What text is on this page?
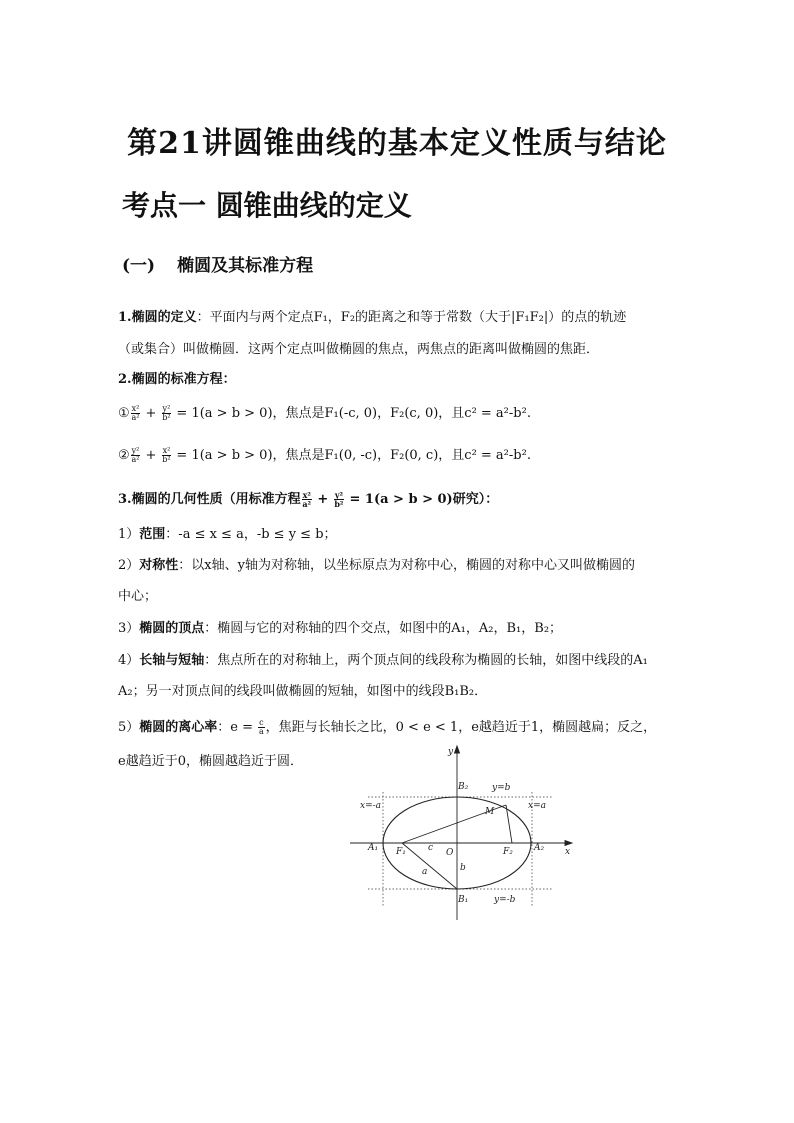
第21讲圆锥曲线的基本定义性质与结论
考点一 圆锥曲线的定义
(一) 椭圆及其标准方程
1.椭圆的定义：平面内与两个定点F₁，F₂的距离之和等于常数（大于|F₁F₂|）的点的轨迹
（或集合）叫做椭圆．这两个定点叫做椭圆的焦点，两焦点的距离叫做椭圆的焦距．
2.椭圆的标准方程：
① $\frac{\text{x²}}{\text{a²}} + \frac{\text{y²}}{\text{b²}} = 1(a > b > 0)$，焦点是F₁(-c, 0)，F₂(c, 0)，且c² = a²-b².
② $\frac{\text{y²}}{\text{a²}} + \frac{\text{x²}}{\text{b²}} = 1(a > b > 0)$，焦点是F₁(0, -c)，F₂(0, c)，且c² = a²-b².
3.椭圆的几何性质（用标准方程 $\frac{\text{x²}}{\text{a²}} + \frac{\text{y²}}{\text{b²}} = 1(a > b > 0)$研究）：
1）范围：-a ≤ x ≤ a，-b ≤ y ≤ b；
2）对称性：以x轴、y轴为对称轴，以坐标原点为对称中心，椭圆的对称中心又叫做椭圆的
中心；
3）椭圆的顶点：椭圆与它的对称轴的四个交点，如图中的A₁，A₂，B₁，B₂；
4）长轴与短轴：焦点所在的对称轴上，两个顶点间的线段称为椭圆的长轴，如图中线段的A₁
A₂；另一对顶点间的线段叫做椭圆的短轴，如图中的线段B₁B₂．
5）椭圆的离心率：$e = \frac{c}{a}$ ，焦距与长轴长之比，0 < e < 1，e越趋近于1，椭圆越扁；反之，
e越趋近于0，椭圆越趋近于圆．
y
x
O
A₁	A₂
B₂
B₁
F₁	F₂
M
c
a	b
x=-a	x=a
y=b
y=-b
